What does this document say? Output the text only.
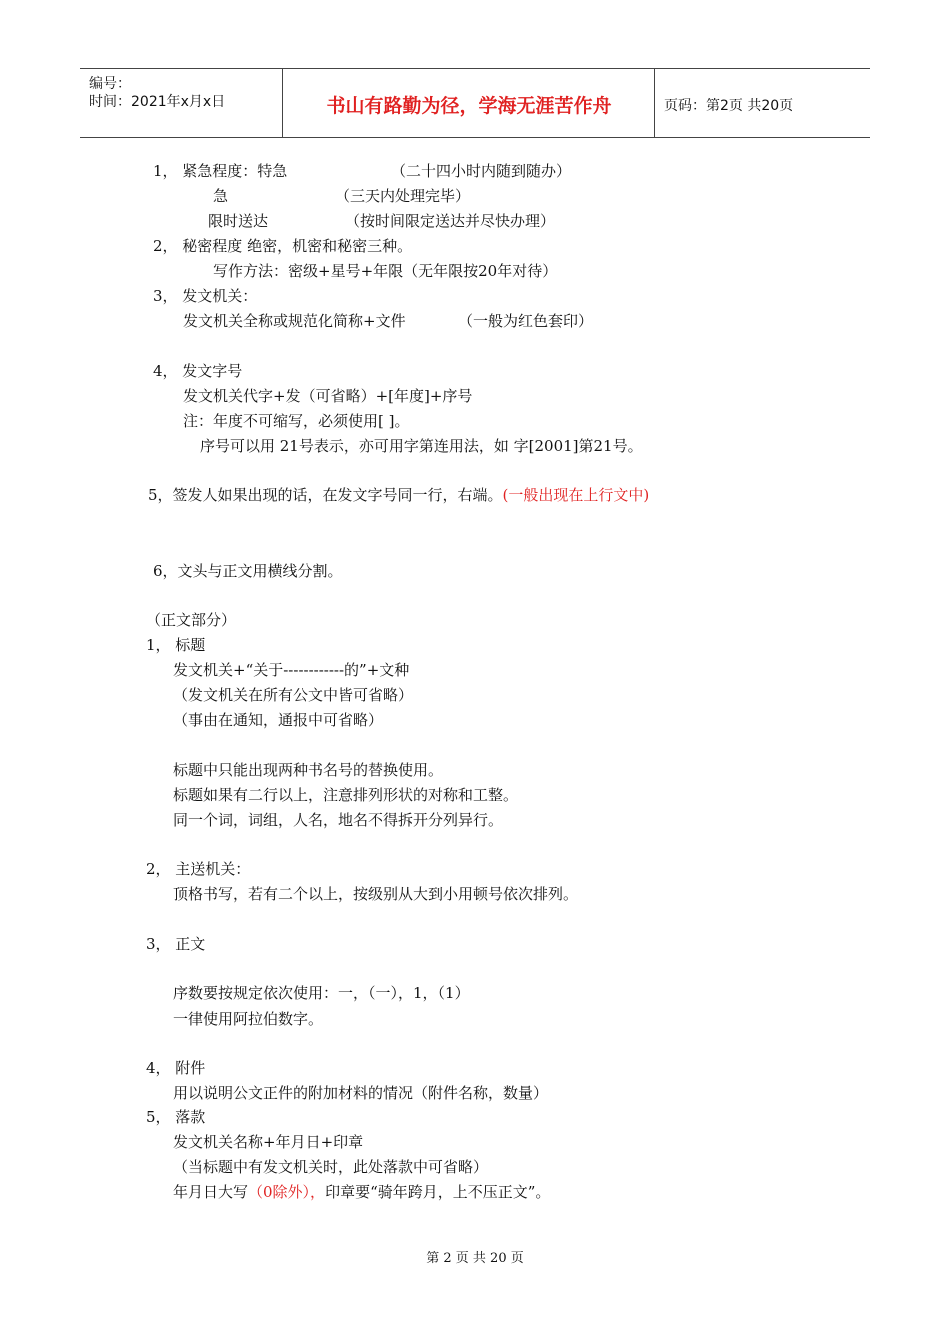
编号：
时间：2021年x月x日	书山有路勤为径，学海无涯苦作舟	页码：第2页 共20页
1， 紧急程度：特急	（二十四小时内随到随办）
急	（三天内处理完毕）
限时送达	（按时间限定送达并尽快办理）
2， 秘密程度 绝密，机密和秘密三种。
写作方法：密级+星号+年限（无年限按20年对待）
3， 发文机关：
发文机关全称或规范化简称+文件	（一般为红色套印）
4， 发文字号
发文机关代字+发（可省略）+[年度]+序号
注：年度不可缩写，必须使用[ ]。
序号可以用 21号表示，亦可用字第连用法，如 字[2001]第21号。
5，签发人如果出现的话，在发文字号同一行，右端。(一般出现在上行文中)
6，文头与正文用横线分割。
（正文部分）
1， 标题
发文机关+“关于------------的”+文种
（发文机关在所有公文中皆可省略）
（事由在通知，通报中可省略）
标题中只能出现两种书名号的替换使用。
标题如果有二行以上，注意排列形状的对称和工整。
同一个词，词组，人名，地名不得拆开分列异行。
2， 主送机关：
顶格书写，若有二个以上，按级别从大到小用顿号依次排列。
3， 正文
序数要按规定依次使用：一，（一），1，（1）
一律使用阿拉伯数字。
4， 附件
用以说明公文正件的附加材料的情况（附件名称，数量）
5， 落款
发文机关名称+年月日+印章
（当标题中有发文机关时，此处落款中可省略）
年月日大写（0除外），印章要“骑年跨月，上不压正文”。
第 2 页 共 20 页
